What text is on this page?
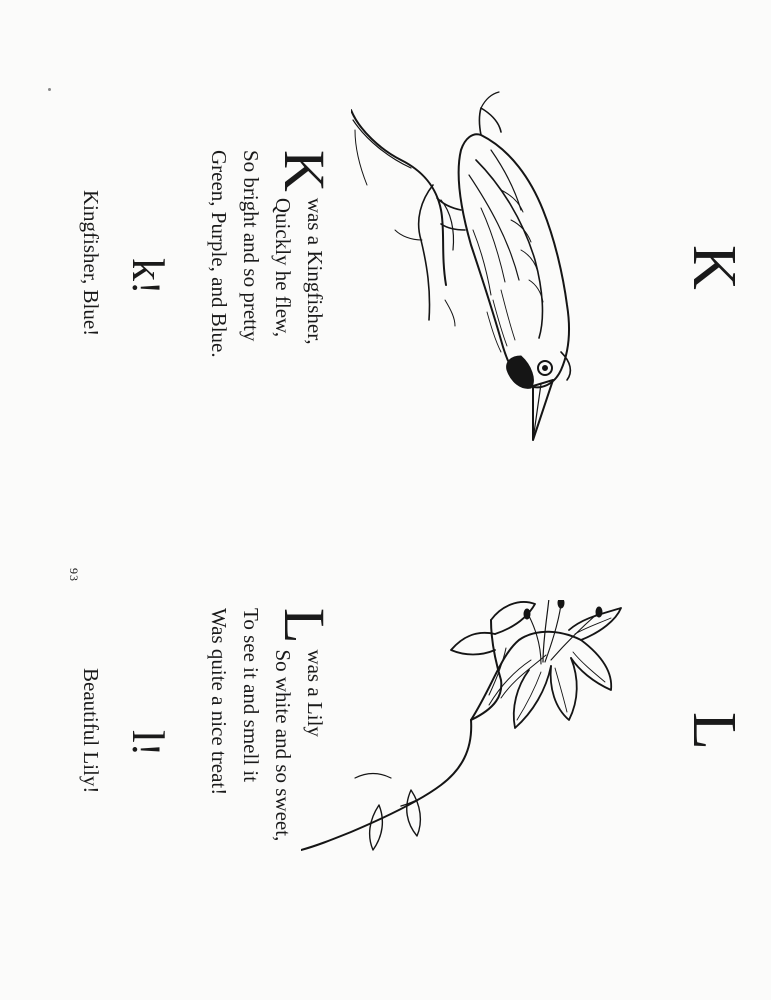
K
K
was a Kingfisher,
Quickly he flew,
So bright and so pretty
Green, Purple, and Blue.
k!
Kingfisher, Blue!
L
L
was a Lily
So white and so sweet,
To see it and smell it
Was quite a nice treat!
l!
Beautiful Lily!
93
